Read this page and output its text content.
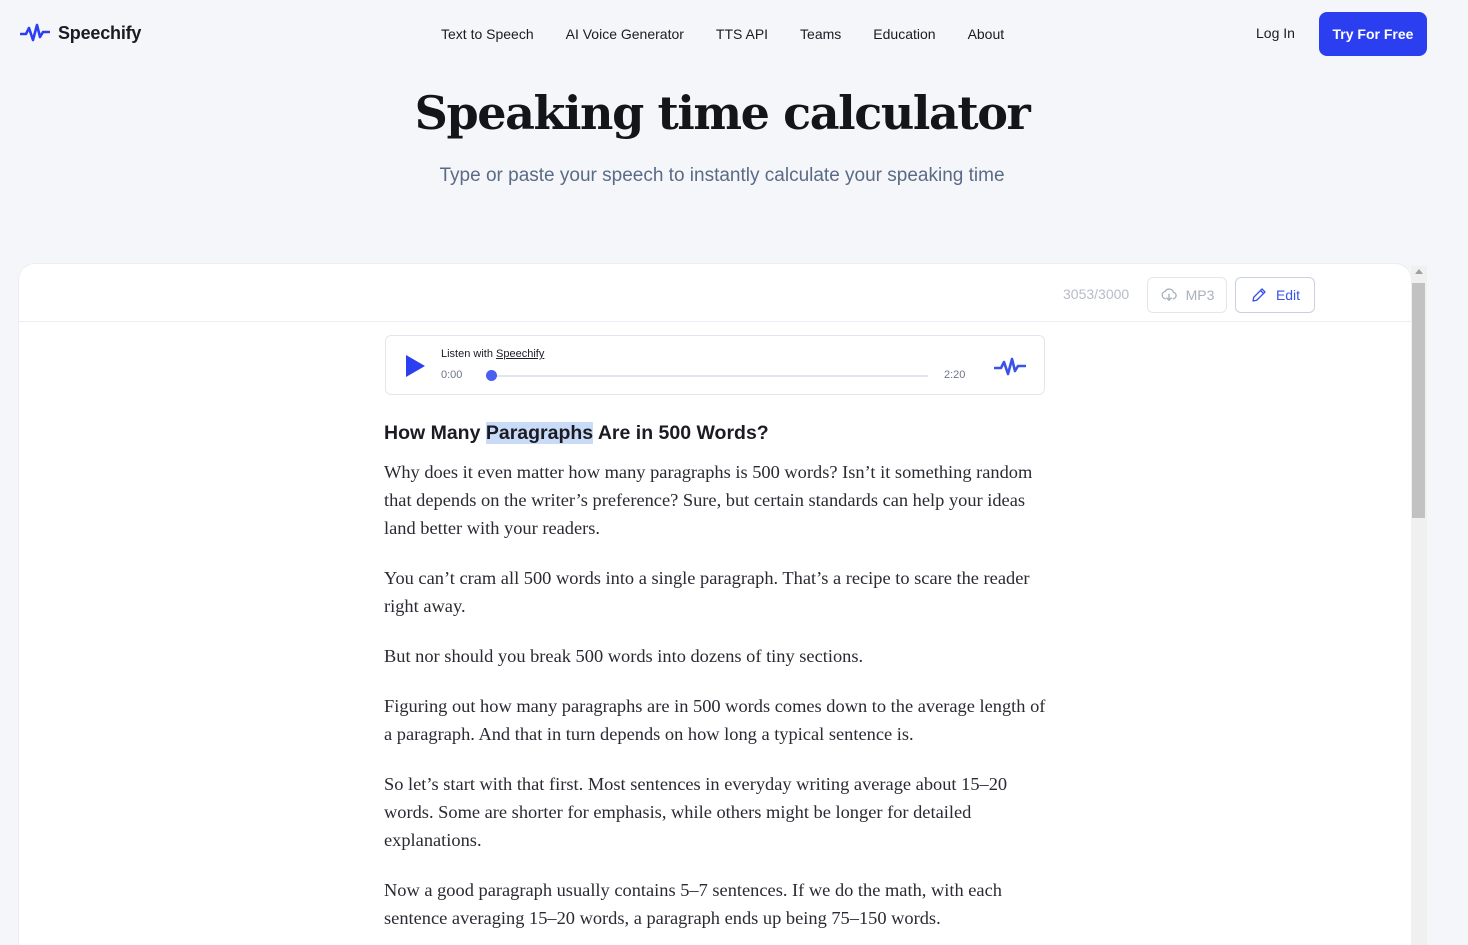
Speechify	Text to Speech AI Voice Generator TTS API Teams Education About	Log In	Try For Free
Speaking time calculator

Type or paste your speech to instantly calculate your speaking time

3053/3000	MP3	Edit
Listen with Speechify
0:00	2:20
How Many Paragraphs Are in 500 Words?

Why does it even matter how many paragraphs is 500 words? Isn’t it something random that depends on the writer’s preference? Sure, but certain standards can help your ideas land better with your readers.

You can’t cram all 500 words into a single paragraph. That’s a recipe to scare the reader right away.

But nor should you break 500 words into dozens of tiny sections.

Figuring out how many paragraphs are in 500 words comes down to the average length of a paragraph. And that in turn depends on how long a typical sentence is.

So let’s start with that first. Most sentences in everyday writing average about 15–20 words. Some are shorter for emphasis, while others might be longer for detailed explanations.

Now a good paragraph usually contains 5–7 sentences. If we do the math, with each sentence averaging 15–20 words, a paragraph ends up being 75–150 words.
